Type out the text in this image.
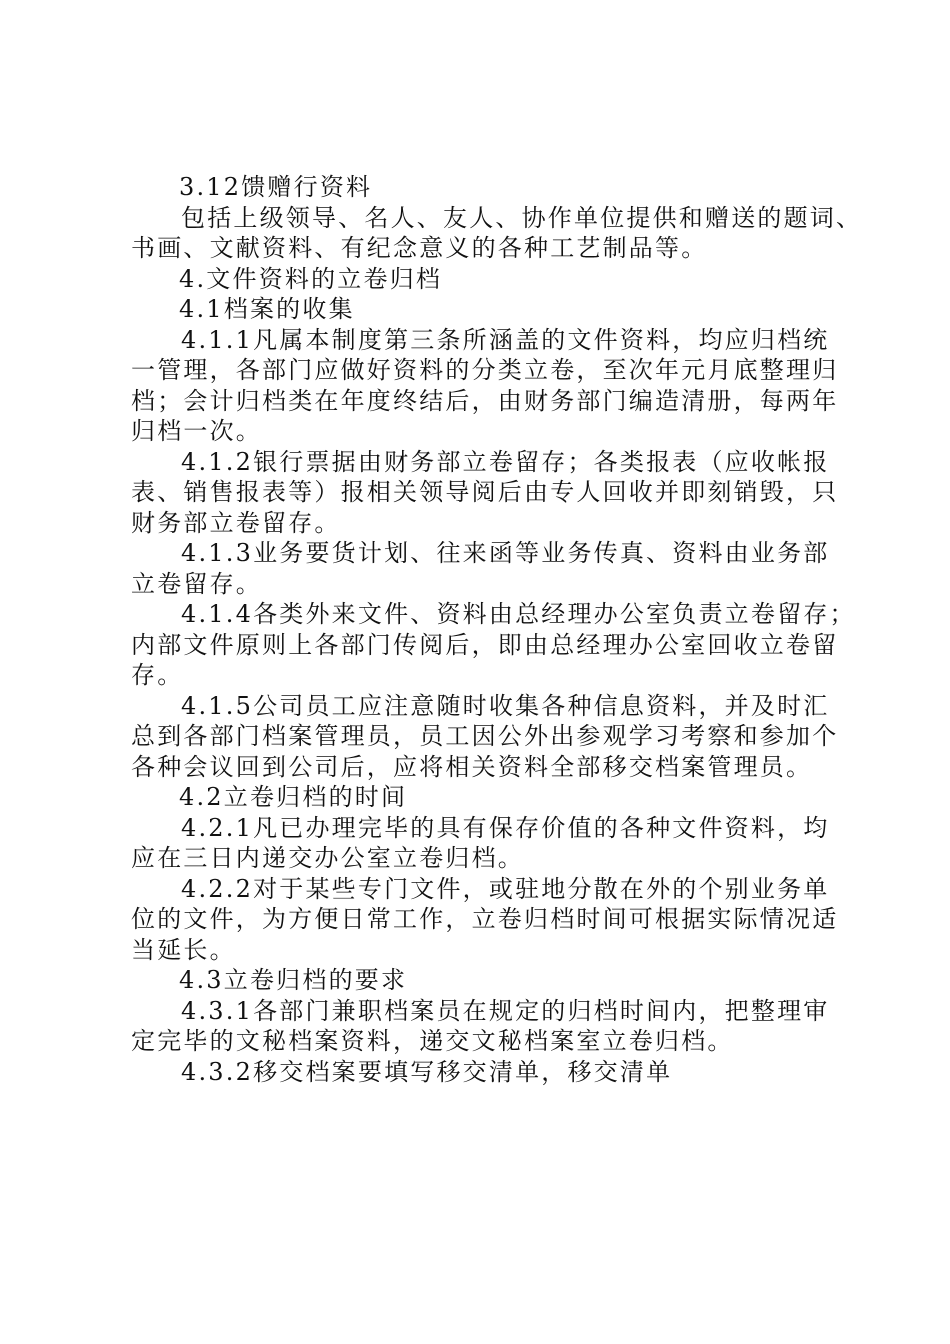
3.12馈赠行资料

包括上级领导、名人、友人、协作单位提供和赠送的题词、

书画、文献资料、有纪念意义的各种工艺制品等。

4.文件资料的立卷归档

4.1档案的收集

4.1.1凡属本制度第三条所涵盖的文件资料，均应归档统

一管理，各部门应做好资料的分类立卷，至次年元月底整理归

档；会计归档类在年度终结后，由财务部门编造清册，每两年

归档一次。

4.1.2银行票据由财务部立卷留存；各类报表（应收帐报

表、销售报表等）报相关领导阅后由专人回收并即刻销毁，只

财务部立卷留存。

4.1.3业务要货计划、往来函等业务传真、资料由业务部

立卷留存。

4.1.4各类外来文件、资料由总经理办公室负责立卷留存；

内部文件原则上各部门传阅后，即由总经理办公室回收立卷留

存。

4.1.5公司员工应注意随时收集各种信息资料，并及时汇

总到各部门档案管理员，员工因公外出参观学习考察和参加个

各种会议回到公司后，应将相关资料全部移交档案管理员。

4.2立卷归档的时间

4.2.1凡已办理完毕的具有保存价值的各种文件资料，均

应在三日内递交办公室立卷归档。

4.2.2对于某些专门文件，或驻地分散在外的个别业务单

位的文件，为方便日常工作，立卷归档时间可根据实际情况适

当延长。

4.3立卷归档的要求

4.3.1各部门兼职档案员在规定的归档时间内，把整理审

定完毕的文秘档案资料，递交文秘档案室立卷归档。

4.3.2移交档案要填写移交清单，移交清单
